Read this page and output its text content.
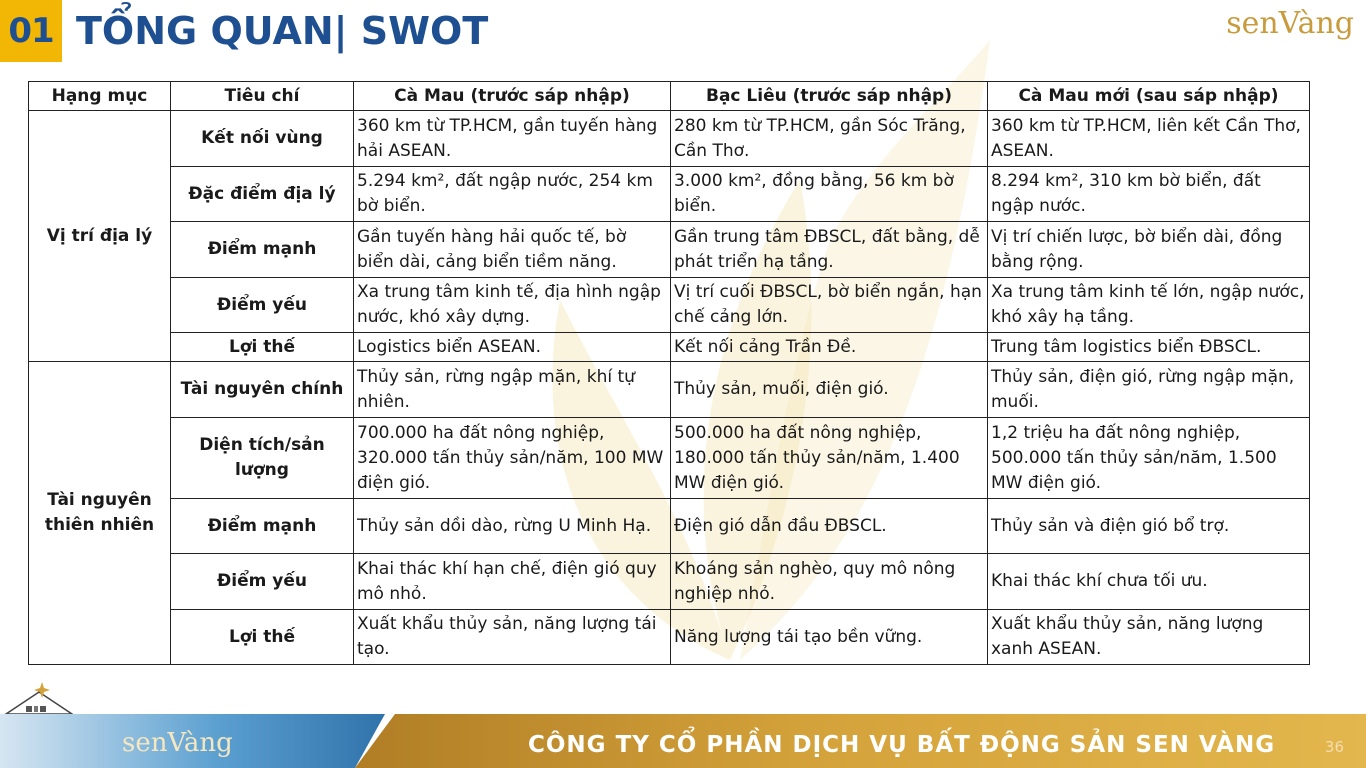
01 TỔNG QUAN| SWOT	senVàng
Hạng mục	Tiêu chí	Cà Mau (trước sáp nhập)	Bạc Liêu (trước sáp nhập)	Cà Mau mới (sau sáp nhập)
Vị trí địa lý	Kết nối vùng	360 km từ TP.HCM, gần tuyến hàng hải ASEAN.	280 km từ TP.HCM, gần Sóc Trăng, Cần Thơ.	360 km từ TP.HCM, liên kết Cần Thơ, ASEAN.
	Đặc điểm địa lý	5.294 km², đất ngập nước, 254 km bờ biển.	3.000 km², đồng bằng, 56 km bờ biển.	8.294 km², 310 km bờ biển, đất ngập nước.
	Điểm mạnh	Gần tuyến hàng hải quốc tế, bờ biển dài, cảng biển tiềm năng.	Gần trung tâm ĐBSCL, đất bằng, dễ phát triển hạ tầng.	Vị trí chiến lược, bờ biển dài, đồng bằng rộng.
	Điểm yếu	Xa trung tâm kinh tế, địa hình ngập nước, khó xây dựng.	Vị trí cuối ĐBSCL, bờ biển ngắn, hạn chế cảng lớn.	Xa trung tâm kinh tế lớn, ngập nước, khó xây hạ tầng.
	Lợi thế	Logistics biển ASEAN.	Kết nối cảng Trần Đề.	Trung tâm logistics biển ĐBSCL.
Tài nguyên thiên nhiên	Tài nguyên chính	Thủy sản, rừng ngập mặn, khí tự nhiên.	Thủy sản, muối, điện gió.	Thủy sản, điện gió, rừng ngập mặn, muối.
	Diện tích/sản lượng	700.000 ha đất nông nghiệp, 320.000 tấn thủy sản/năm, 100 MW điện gió.	500.000 ha đất nông nghiệp, 180.000 tấn thủy sản/năm, 1.400 MW điện gió.	1,2 triệu ha đất nông nghiệp, 500.000 tấn thủy sản/năm, 1.500 MW điện gió.
	Điểm mạnh	Thủy sản dồi dào, rừng U Minh Hạ.	Điện gió dẫn đầu ĐBSCL.	Thủy sản và điện gió bổ trợ.
	Điểm yếu	Khai thác khí hạn chế, điện gió quy mô nhỏ.	Khoáng sản nghèo, quy mô nông nghiệp nhỏ.	Khai thác khí chưa tối ưu.
	Lợi thế	Xuất khẩu thủy sản, năng lượng tái tạo.	Năng lượng tái tạo bền vững.	Xuất khẩu thủy sản, năng lượng xanh ASEAN.
senVàng	CÔNG TY CỔ PHẦN DỊCH VỤ BẤT ĐỘNG SẢN SEN VÀNG	36
